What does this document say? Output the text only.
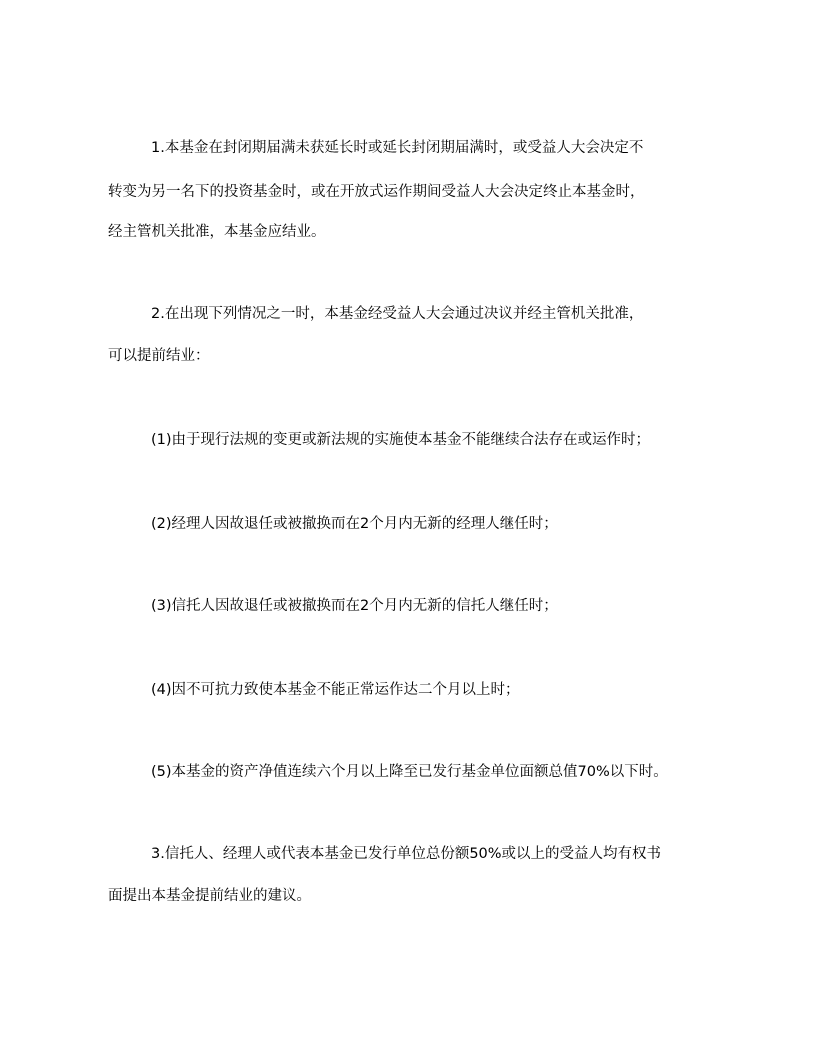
1.本基金在封闭期届满未获延长时或延长封闭期届满时，或受益人大会决定不
转变为另一名下的投资基金时，或在开放式运作期间受益人大会决定终止本基金时，
经主管机关批准，本基金应结业。
2.在出现下列情况之一时，本基金经受益人大会通过决议并经主管机关批准，
可以提前结业：
(1)由于现行法规的变更或新法规的实施使本基金不能继续合法存在或运作时；
(2)经理人因故退任或被撤换而在2个月内无新的经理人继任时；
(3)信托人因故退任或被撤换而在2个月内无新的信托人继任时；
(4)因不可抗力致使本基金不能正常运作达二个月以上时；
(5)本基金的资产净值连续六个月以上降至已发行基金单位面额总值70%以下时。
3.信托人、经理人或代表本基金已发行单位总份额50%或以上的受益人均有权书
面提出本基金提前结业的建议。
